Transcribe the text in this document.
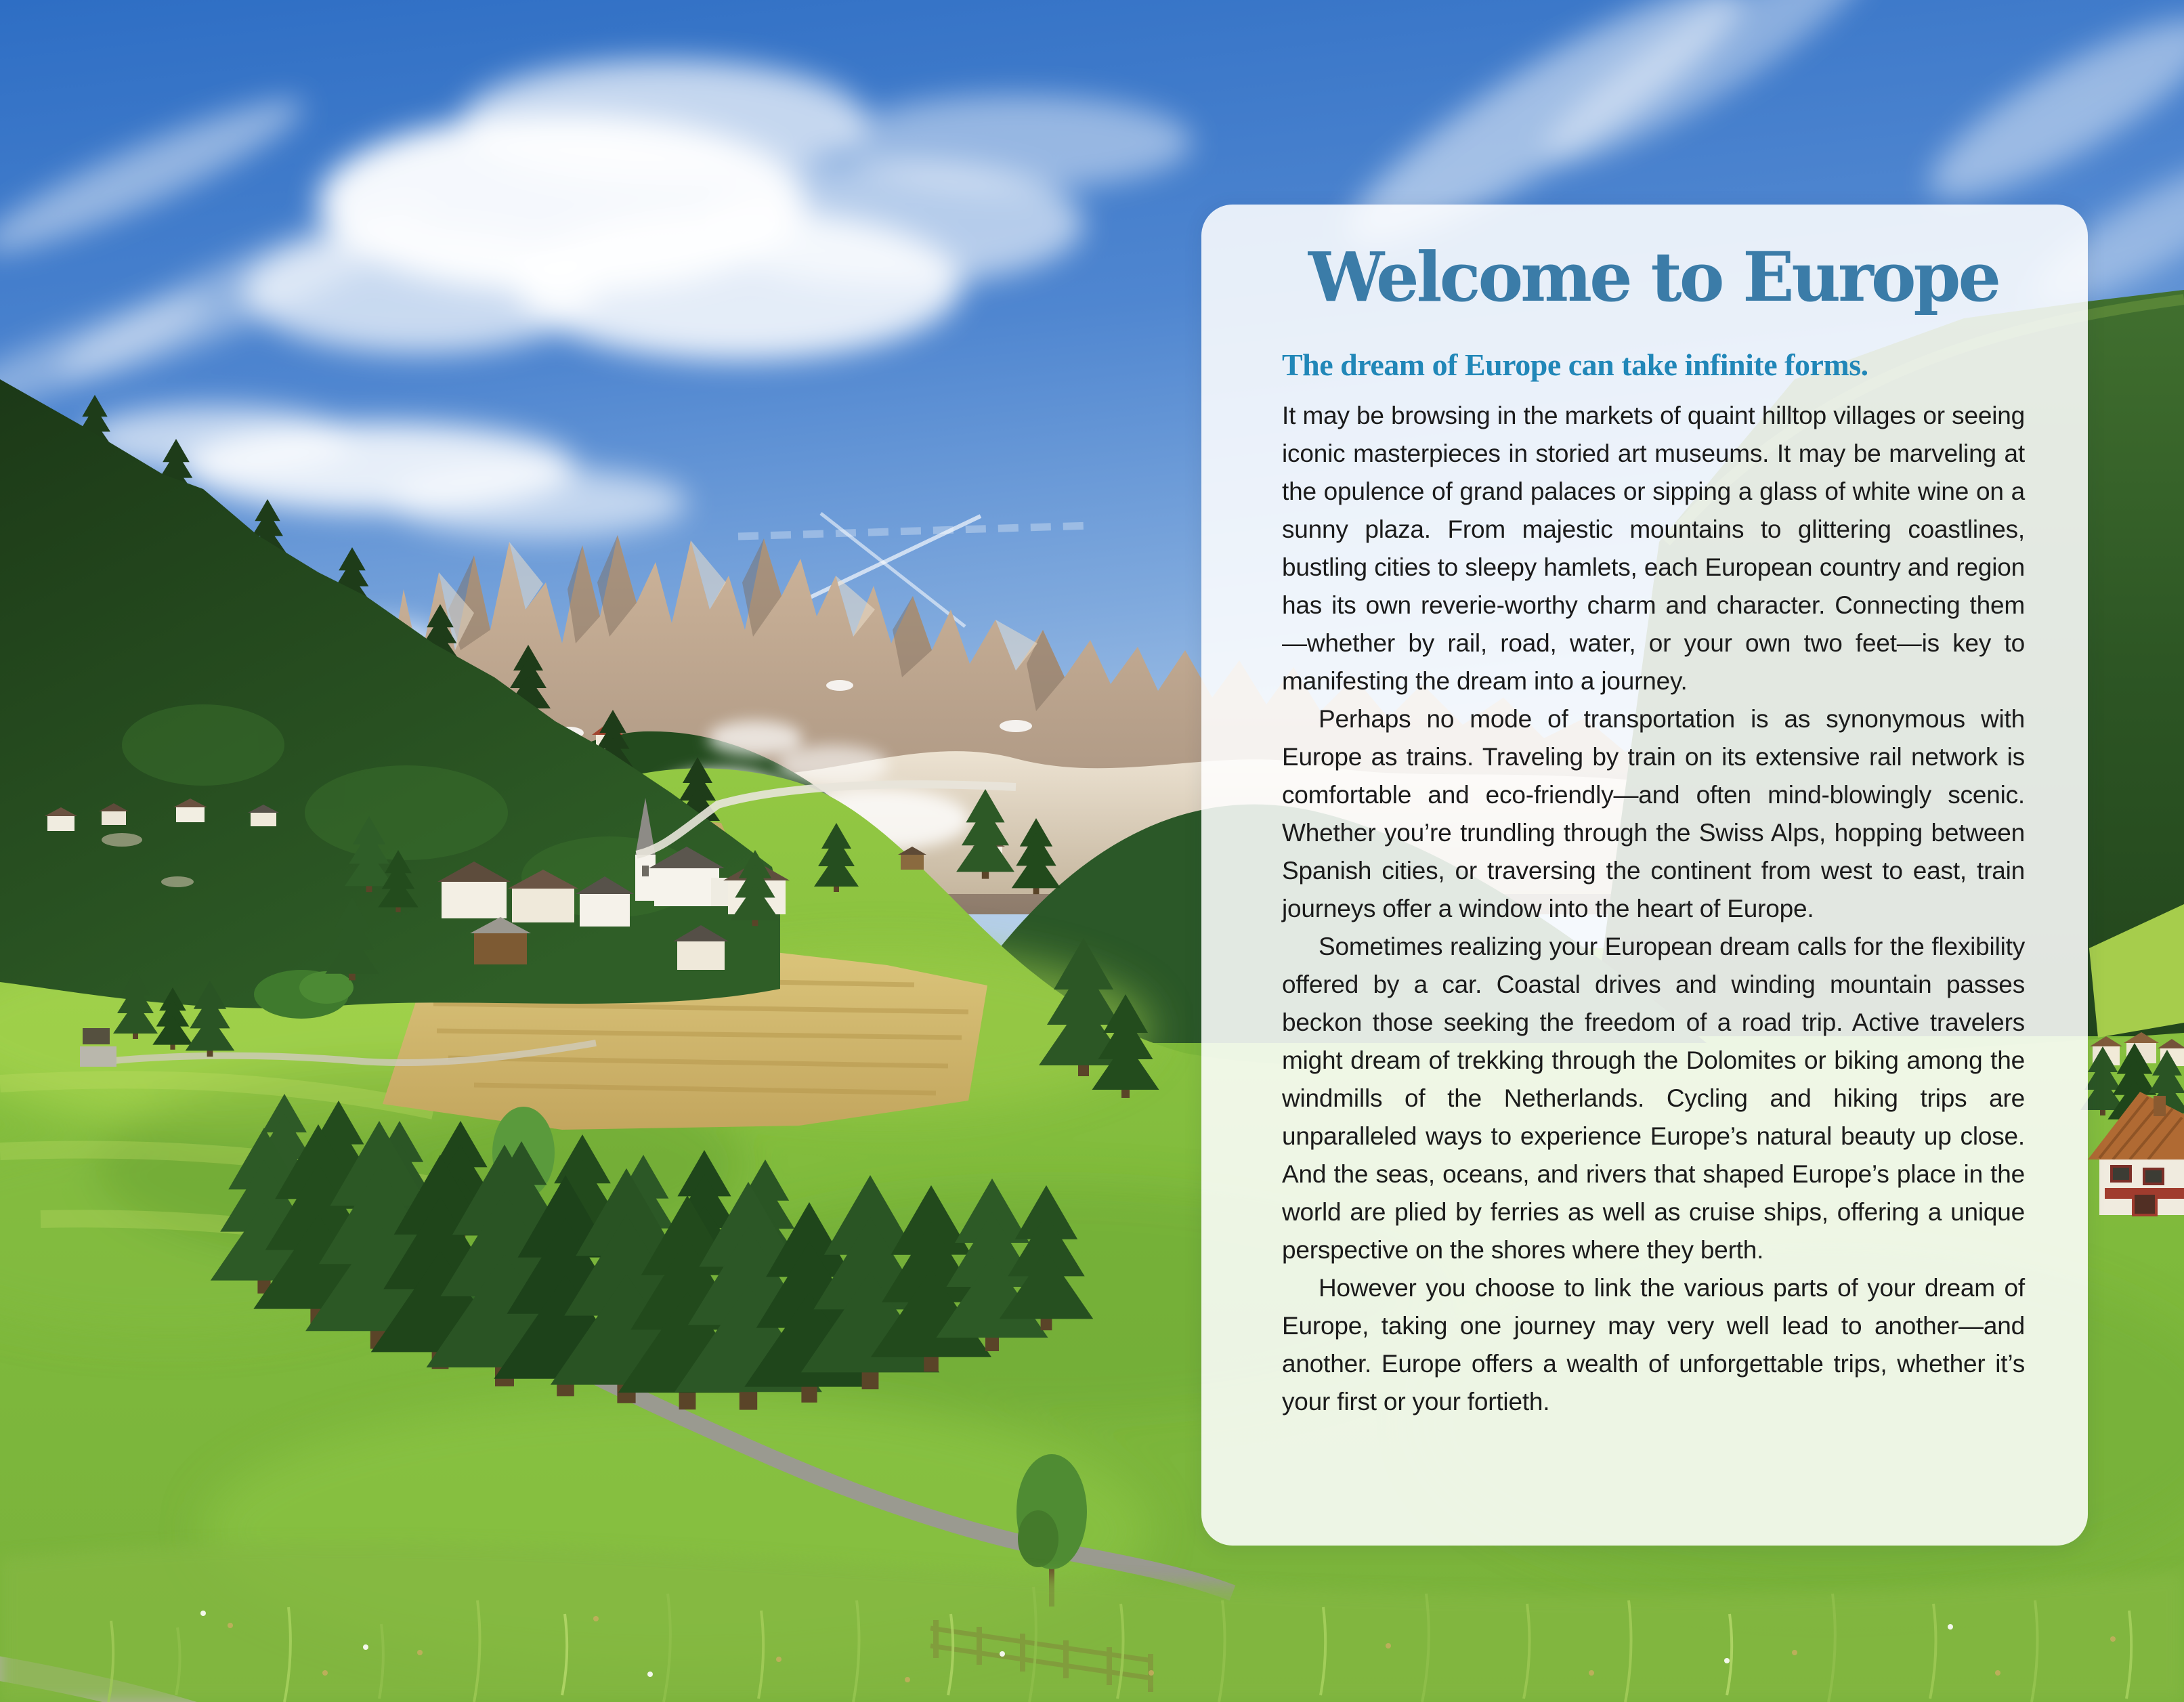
Welcome to Europe
The dream of Europe can take infinite forms.

It may be browsing in the markets of quaint hilltop villages or seeing iconic masterpieces in storied art museums. It may be marveling at the opulence of grand palaces or sipping a glass of white wine on a sunny plaza. From majestic mountains to glittering coastlines, bustling cities to sleepy hamlets, each European country and region has its own reverie-worthy charm and character. Connecting them—whether by rail, road, water, or your own two feet—is key to manifesting the dream into a journey.

Perhaps no mode of transportation is as synonymous with Europe as trains. Traveling by train on its extensive rail network is comfortable and eco-friendly—and often mind-blowingly scenic. Whether you’re trundling through the Swiss Alps, hopping between Spanish cities, or traversing the continent from west to east, train journeys offer a window into the heart of Europe.

Sometimes realizing your European dream calls for the flexibility offered by a car. Coastal drives and winding mountain passes beckon those seeking the freedom of a road trip. Active travelers might dream of trekking through the Dolomites or biking among the windmills of the Netherlands. Cycling and hiking trips are unparalleled ways to experience Europe’s natural beauty up close. And the seas, oceans, and rivers that shaped Europe’s place in the world are plied by ferries as well as cruise ships, offering a unique perspective on the shores where they berth.

However you choose to link the various parts of your dream of Europe, taking one journey may very well lead to another—and another. Europe offers a wealth of unforgettable trips, whether it’s your first or your fortieth.
